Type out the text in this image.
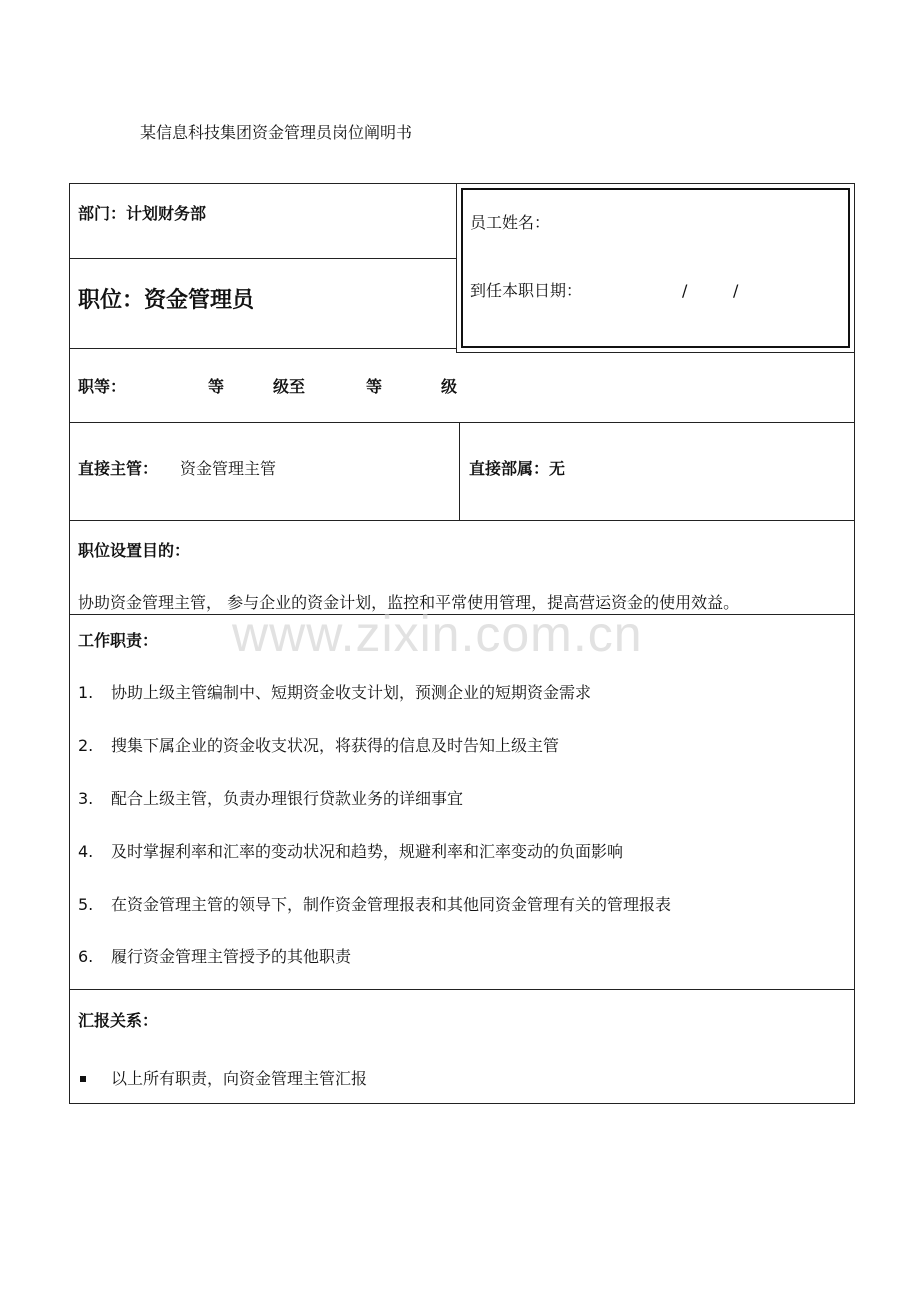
某信息科技集团资金管理员岗位阐明书
部门：计划财务部
职位：资金管理员
员工姓名：
到任本职日期：	/	/
职等：	等	级至	等	级
直接主管： 资金管理主管	直接部属：无
职位设置目的：
协助资金管理主管， 参与企业的资金计划，监控和平常使用管理，提高营运资金的使用效益。
工作职责：
1. 协助上级主管编制中、短期资金收支计划，预测企业的短期资金需求
2. 搜集下属企业的资金收支状况，将获得的信息及时告知上级主管
3. 配合上级主管，负责办理银行贷款业务的详细事宜
4. 及时掌握利率和汇率的变动状况和趋势，规避利率和汇率变动的负面影响
5. 在资金管理主管的领导下，制作资金管理报表和其他同资金管理有关的管理报表
6. 履行资金管理主管授予的其他职责
汇报关系：
以上所有职责，向资金管理主管汇报
www.zixin.com.cn
